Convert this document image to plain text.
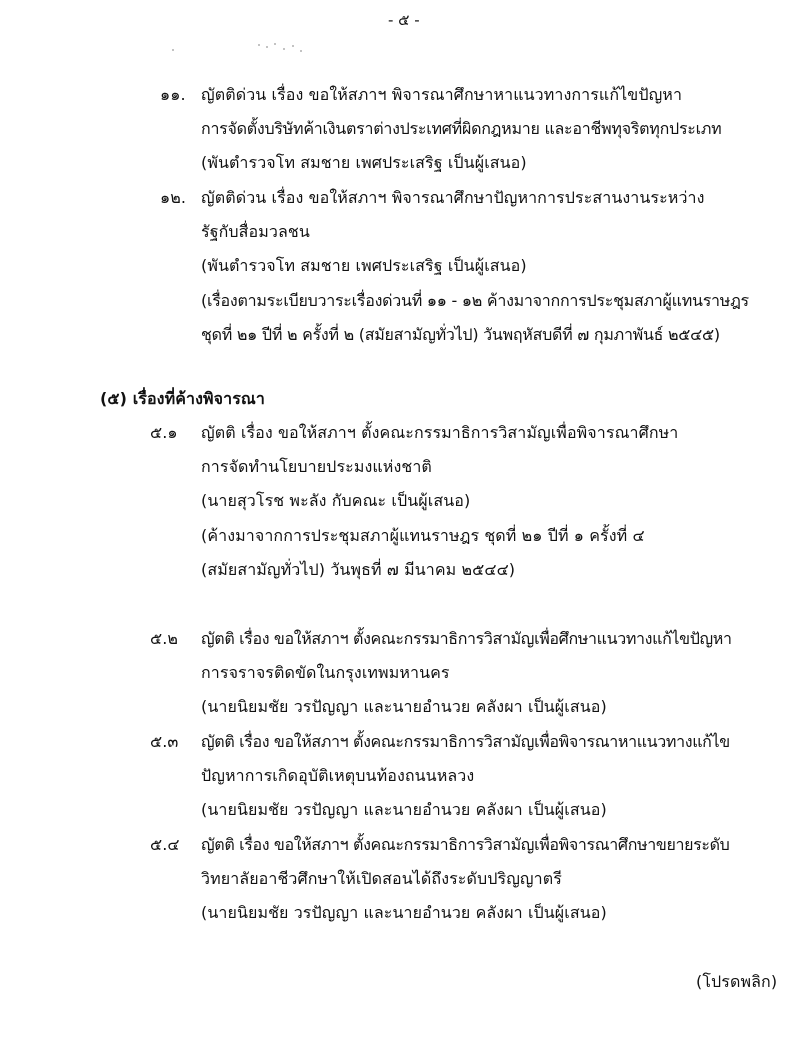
- ๕ -
๑๑. ญัตติด่วน เรื่อง ขอให้สภาฯ พิจารณาศึกษาหาแนวทางการแก้ไขปัญหา
การจัดตั้งบริษัทค้าเงินตราต่างประเทศที่ผิดกฎหมาย และอาชีพทุจริตทุกประเภท
(พันตำรวจโท สมชาย เพศประเสริฐ เป็นผู้เสนอ)
๑๒. ญัตติด่วน เรื่อง ขอให้สภาฯ พิจารณาศึกษาปัญหาการประสานงานระหว่าง
รัฐกับสื่อมวลชน
(พันตำรวจโท สมชาย เพศประเสริฐ เป็นผู้เสนอ)
(เรื่องตามระเบียบวาระเรื่องด่วนที่ ๑๑ - ๑๒ ค้างมาจากการประชุมสภาผู้แทนราษฎร
ชุดที่ ๒๑ ปีที่ ๒ ครั้งที่ ๒ (สมัยสามัญทั่วไป) วันพฤหัสบดีที่ ๗ กุมภาพันธ์ ๒๕๔๕)
(๕) เรื่องที่ค้างพิจารณา
๕.๑ ญัตติ เรื่อง ขอให้สภาฯ ตั้งคณะกรรมาธิการวิสามัญเพื่อพิจารณาศึกษา
การจัดทำนโยบายประมงแห่งชาติ
(นายสุวโรช พะลัง กับคณะ เป็นผู้เสนอ)
(ค้างมาจากการประชุมสภาผู้แทนราษฎร ชุดที่ ๒๑ ปีที่ ๑ ครั้งที่ ๔
(สมัยสามัญทั่วไป) วันพุธที่ ๗ มีนาคม ๒๕๔๔)
๕.๒ ญัตติ เรื่อง ขอให้สภาฯ ตั้งคณะกรรมาธิการวิสามัญเพื่อศึกษาแนวทางแก้ไขปัญหา
การจราจรติดขัดในกรุงเทพมหานคร
(นายนิยมชัย วรปัญญา และนายอำนวย คลังผา เป็นผู้เสนอ)
๕.๓ ญัตติ เรื่อง ขอให้สภาฯ ตั้งคณะกรรมาธิการวิสามัญเพื่อพิจารณาหาแนวทางแก้ไข
ปัญหาการเกิดอุบัติเหตุบนท้องถนนหลวง
(นายนิยมชัย วรปัญญา และนายอำนวย คลังผา เป็นผู้เสนอ)
๕.๔ ญัตติ เรื่อง ขอให้สภาฯ ตั้งคณะกรรมาธิการวิสามัญเพื่อพิจารณาศึกษาขยายระดับ
วิทยาลัยอาชีวศึกษาให้เปิดสอนได้ถึงระดับปริญญาตรี
(นายนิยมชัย วรปัญญา และนายอำนวย คลังผา เป็นผู้เสนอ)
(โปรดพลิก)
